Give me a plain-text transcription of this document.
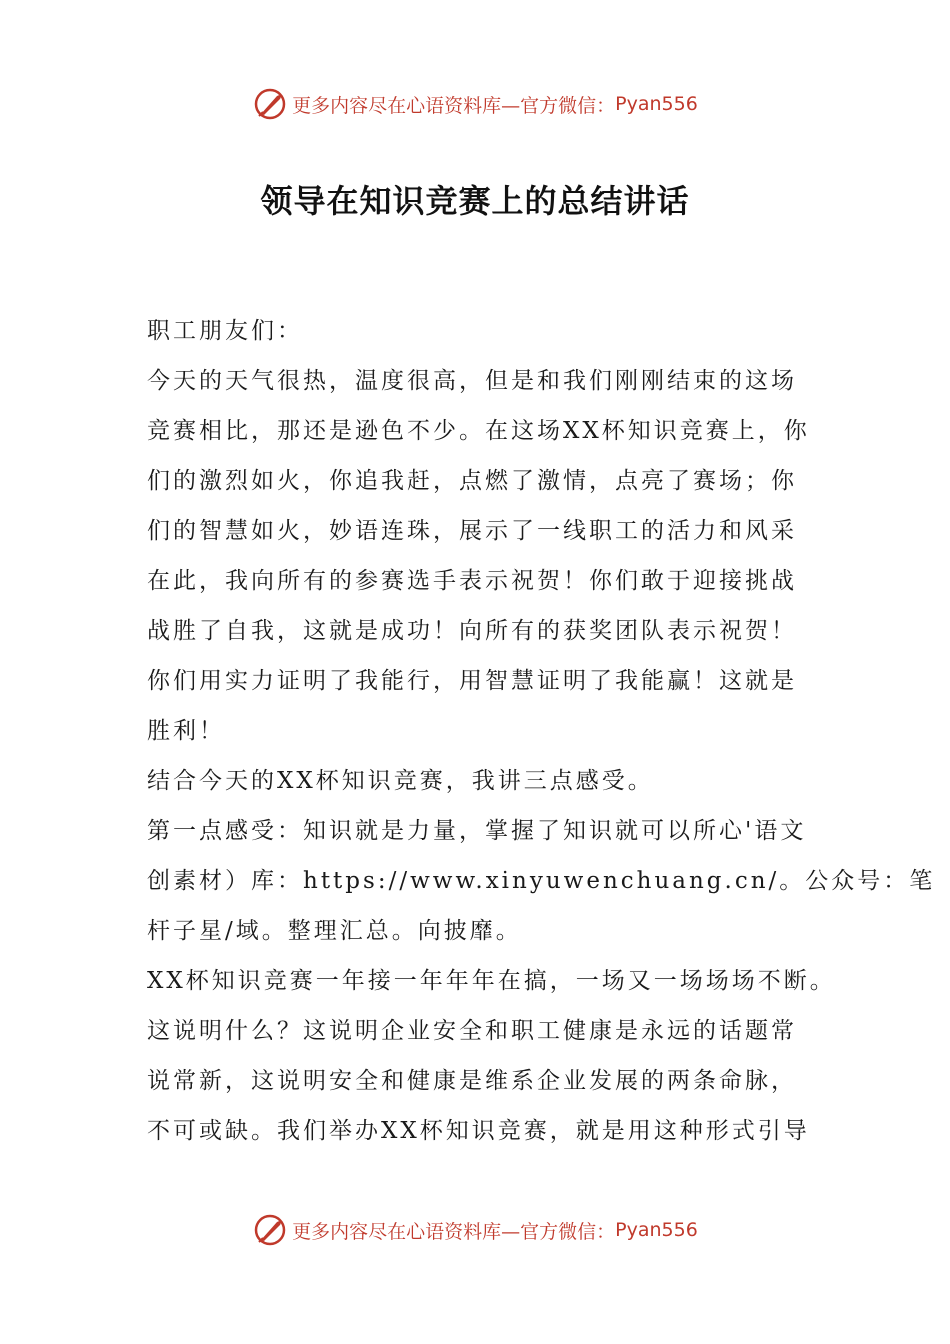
更多内容尽在心语资料库—官方微信： Pyan556
领导在知识竞赛上的总结讲话
职工朋友们：
今天的天气很热，温度很高，但是和我们刚刚结束的这场
竞赛相比，那还是逊色不少。在这场XX杯知识竞赛上，你
们的激烈如火，你追我赶，点燃了激情，点亮了赛场；你
们的智慧如火，妙语连珠，展示了一线职工的活力和风采
在此，我向所有的参赛选手表示祝贺！你们敢于迎接挑战
战胜了自我，这就是成功！向所有的获奖团队表示祝贺！
你们用实力证明了我能行，用智慧证明了我能赢！这就是
胜利！
结合今天的XX杯知识竞赛，我讲三点感受。
第一点感受：知识就是力量，掌握了知识就可以所心'语文
创素材）库：https://www.xinyuwenchuang.cn/。公众号：笔
杆子星/域。整理汇总。向披靡。
XX杯知识竞赛一年接一年年年在搞，一场又一场场场不断。
这说明什么？这说明企业安全和职工健康是永远的话题常
说常新，这说明安全和健康是维系企业发展的两条命脉，
不可或缺。我们举办XX杯知识竞赛，就是用这种形式引导
更多内容尽在心语资料库—官方微信： Pyan556
